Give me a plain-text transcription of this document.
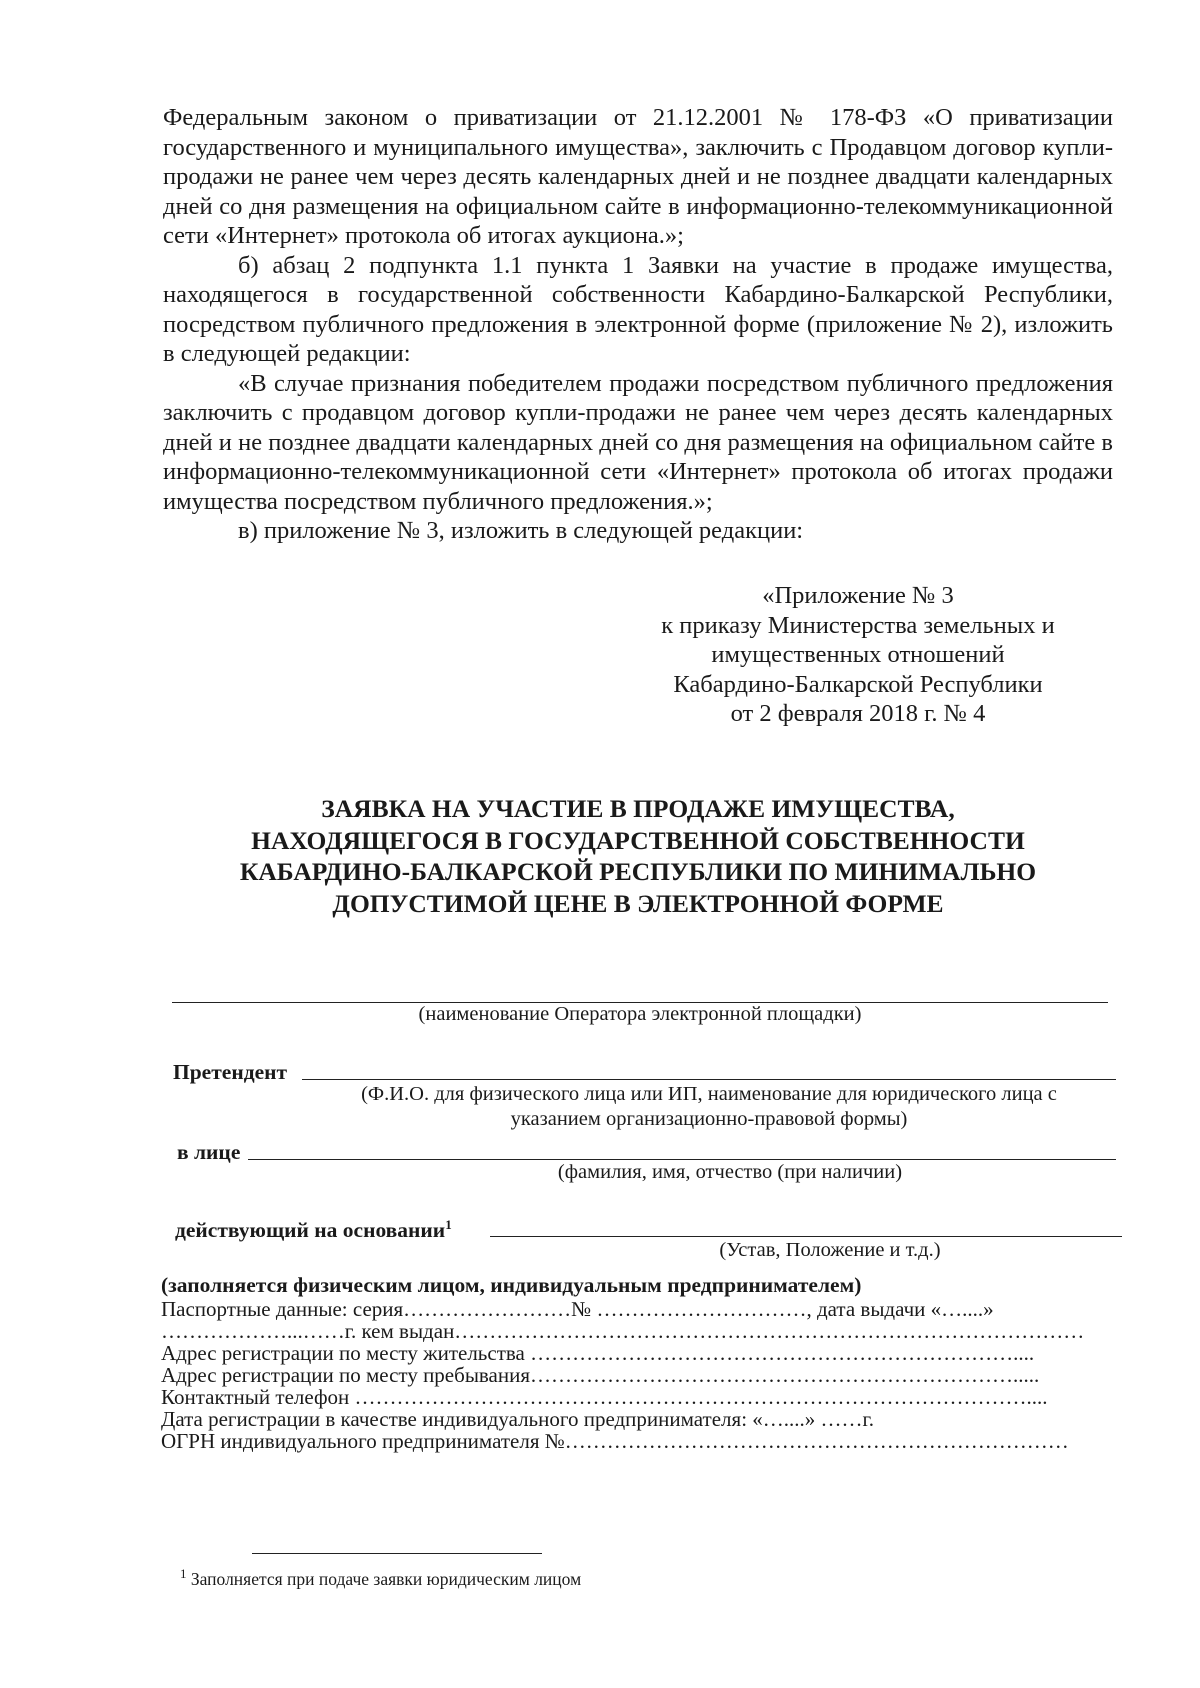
Федеральным законом о приватизации от 21.12.2001 № 178-ФЗ «О приватизации государственного и муниципального имущества», заключить с Продавцом договор купли-продажи не ранее чем через десять календарных дней и не позднее двадцати календарных дней со дня размещения на официальном сайте в информационно-телекоммуникационной сети «Интернет» протокола об итогах аукциона.»;

б) абзац 2 подпункта 1.1 пункта 1 Заявки на участие в продаже имущества, находящегося в государственной собственности Кабардино-Балкарской Республики, посредством публичного предложения в электронной форме (приложение № 2), изложить в следующей редакции:

«В случае признания победителем продажи посредством публичного предложения заключить с продавцом договор купли-продажи не ранее чем через десять календарных дней и не позднее двадцати календарных дней со дня размещения на официальном сайте в информационно-телекоммуникационной сети «Интернет» протокола об итогах продажи имущества посредством публичного предложения.»;

в) приложение № 3, изложить в следующей редакции:

«Приложение № 3
к приказу Министерства земельных и
имущественных отношений
Кабардино-Балкарской Республики
от 2 февраля 2018 г. № 4
ЗАЯВКА НА УЧАСТИЕ В ПРОДАЖЕ ИМУЩЕСТВА,
НАХОДЯЩЕГОСЯ В ГОСУДАРСТВЕННОЙ СОБСТВЕННОСТИ
КАБАРДИНО-БАЛКАРСКОЙ РЕСПУБЛИКИ ПО МИНИМАЛЬНО
ДОПУСТИМОЙ ЦЕНЕ В ЭЛЕКТРОННОЙ ФОРМЕ
(наименование Оператора электронной площадки)
Претендент
(Ф.И.О. для физического лица или ИП, наименование для юридического лица с
указанием организационно-правовой формы)
в лице
(фамилия, имя, отчество (при наличии)
действующий на основании$^1$
(Устав, Положение и т.д.)
(заполняется физическим лицом, индивидуальным предпринимателем)
Паспортные данные: серия……………………№ …………………………, дата выдачи «…....»
………………...……г. кем выдан………………………………………………………………………………
Адрес регистрации по месту жительства ……………………………………………………………....
Адрес регистрации по месту пребывания…………………………………………………………….....
Контактный телефон ……………………………………………………………………………………....
Дата регистрации в качестве индивидуального предпринимателя: «…....» ……г.
ОГРН индивидуального предпринимателя №………………………………………………………………
$^1$ Заполняется при подаче заявки юридическим лицом
